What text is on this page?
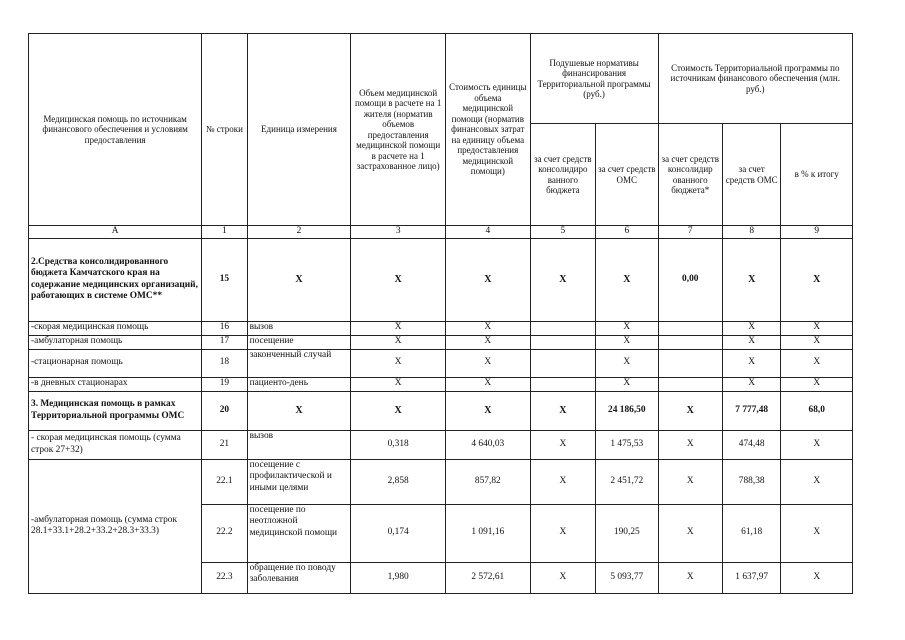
Медицинская помощь по источникам финансового обеспечения и условиям предоставления	№ строки	Единица измерения	Объем медицинской помощи в расчете на 1 жителя (норматив объемов предоставления медицинской помощи в расчете на 1 застрахованное лицо)	Стоимость единицы объема медицинской помощи (норматив финансовых затрат на единицу объема предоставления медицинской помощи)	Подушевые нормативы финансирования Территориальной программы (руб.)		Стоимость Территориальной программы по источникам финансового обеспечения (млн. руб.)		
					за счет средств консолидиро ванного бюджета	за счет средств ОМС	за счет средств консолидир ованного бюджета*	за счет средств ОМС	в % к итогу
А	1	2	3	4	5	6	7	8	9
2.Средства консолидированного бюджета Камчатского края на содержание медицинских организаций, работающих в системе ОМС**	15	Х	Х	Х	Х	Х	0,00	Х	Х
-скорая медицинская помощь	16	вызов	Х	Х		Х		Х	Х
-амбулаторная помощь	17	посещение	Х	Х		Х		Х	Х
-стационарная помощь	18	законченный случай	Х	Х		Х		Х	Х
-в дневных стационарах	19	пациенто-день	Х	Х		Х		Х	Х
3. Медицинская помощь в рамках Территориальной программы ОМС	20	Х	Х	Х	Х	24 186,50	Х	7 777,48	68,0
- скорая медицинская помощь (сумма строк 27+32)	21	вызов	0,318	4 640,03	Х	1 475,53	Х	474,48	Х
-амбулаторная помощь (сумма строк 28.1+33.1+28.2+33.2+28.3+33.3)	22.1	посещение с профилактической и иными целями	2,858	857,82	Х	2 451,72	Х	788,38	Х
	22.2	посещение по неотложной медицинской помощи	0,174	1 091,16	Х	190,25	Х	61,18	Х
	22.3	обращение по поводу заболевания	1,980	2 572,61	Х	5 093,77	Х	1 637,97	Х
